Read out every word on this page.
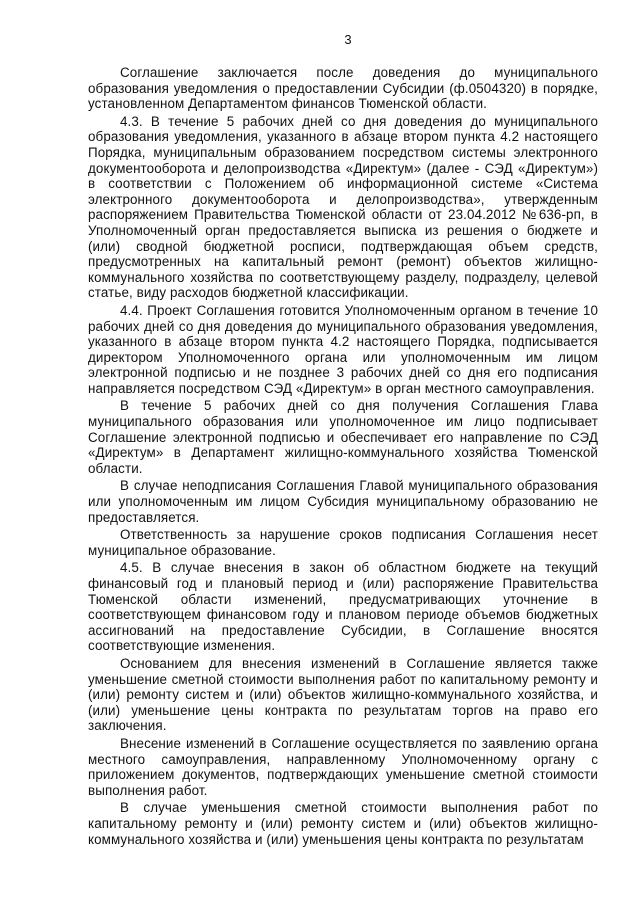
3

Соглашение заключается после доведения до муниципального образования уведомления о предоставлении Субсидии (ф.0504320) в порядке, установленном Департаментом финансов Тюменской области.

4.3. В течение 5 рабочих дней со дня доведения до муниципального образования уведомления, указанного в абзаце втором пункта 4.2 настоящего Порядка, муниципальным образованием посредством системы электронного документооборота и делопроизводства «Директум» (далее - СЭД «Директум») в соответствии с Положением об информационной системе «Система электронного документооборота и делопроизводства», утвержденным распоряжением Правительства Тюменской области от 23.04.2012 №636-рп, в Уполномоченный орган предоставляется выписка из решения о бюджете и (или) сводной бюджетной росписи, подтверждающая объем средств, предусмотренных на капитальный ремонт (ремонт) объектов жилищно-коммунального хозяйства по соответствующему разделу, подразделу, целевой статье, виду расходов бюджетной классификации.

4.4. Проект Соглашения готовится Уполномоченным органом в течение 10 рабочих дней со дня доведения до муниципального образования уведомления, указанного в абзаце втором пункта 4.2 настоящего Порядка, подписывается директором Уполномоченного органа или уполномоченным им лицом электронной подписью и не позднее 3 рабочих дней со дня его подписания направляется посредством СЭД «Директум» в орган местного самоуправления.

В течение 5 рабочих дней со дня получения Соглашения Глава муниципального образования или уполномоченное им лицо подписывает Соглашение электронной подписью и обеспечивает его направление по СЭД «Директум» в Департамент жилищно-коммунального хозяйства Тюменской области.

В случае неподписания Соглашения Главой муниципального образования или уполномоченным им лицом Субсидия муниципальному образованию не предоставляется.

Ответственность за нарушение сроков подписания Соглашения несет муниципальное образование.

4.5. В случае внесения в закон об областном бюджете на текущий финансовый год и плановый период и (или) распоряжение Правительства Тюменской области изменений, предусматривающих уточнение в соответствующем финансовом году и плановом периоде объемов бюджетных ассигнований на предоставление Субсидии, в Соглашение вносятся соответствующие изменения.

Основанием для внесения изменений в Соглашение является также уменьшение сметной стоимости выполнения работ по капитальному ремонту и (или) ремонту систем и (или) объектов жилищно-коммунального хозяйства, и (или) уменьшение цены контракта по результатам торгов на право его заключения.

Внесение изменений в Соглашение осуществляется по заявлению органа местного самоуправления, направленному Уполномоченному органу с приложением документов, подтверждающих уменьшение сметной стоимости выполнения работ.

В случае уменьшения сметной стоимости выполнения работ по капитальному ремонту и (или) ремонту систем и (или) объектов жилищно-коммунального хозяйства и (или) уменьшения цены контракта по результатам
